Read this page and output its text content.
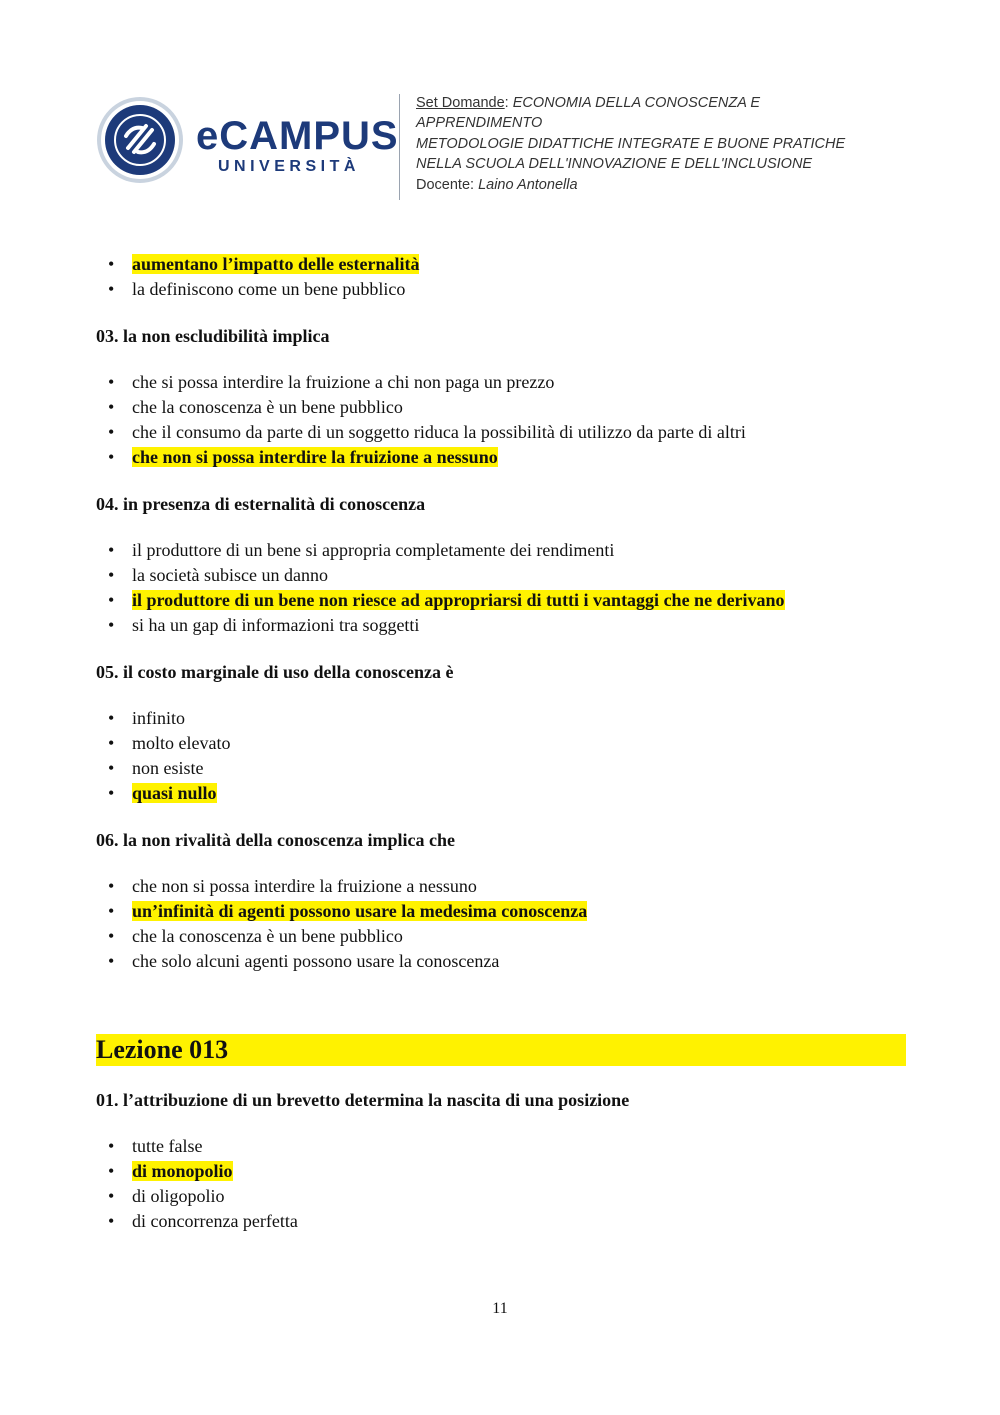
eCAMPUS
UNIVERSITÀ
Set Domande: ECONOMIA DELLA CONOSCENZA E
APPRENDIMENTO
METODOLOGIE DIDATTICHE INTEGRATE E BUONE PRATICHE
NELLA SCUOLA DELL'INNOVAZIONE E DELL'INCLUSIONE
Docente: Laino Antonella
• aumentano l’impatto delle esternalità
• la definiscono come un bene pubblico

03. la non escludibilità implica

• che si possa interdire la fruizione a chi non paga un prezzo
• che la conoscenza è un bene pubblico
• che il consumo da parte di un soggetto riduca la possibilità di utilizzo da parte di altri
• che non si possa interdire la fruizione a nessuno

04. in presenza di esternalità di conoscenza

• il produttore di un bene si appropria completamente dei rendimenti
• la società subisce un danno
• il produttore di un bene non riesce ad appropriarsi di tutti i vantaggi che ne derivano
• si ha un gap di informazioni tra soggetti

05. il costo marginale di uso della conoscenza è

• infinito
• molto elevato
• non esiste
• quasi nullo

06. la non rivalità della conoscenza implica che

• che non si possa interdire la fruizione a nessuno
• un’infinità di agenti possono usare la medesima conoscenza
• che la conoscenza è un bene pubblico
• che solo alcuni agenti possono usare la conoscenza
Lezione 013

01. l’attribuzione di un brevetto determina la nascita di una posizione

• tutte false
• di monopolio
• di oligopolio
• di concorrenza perfetta
11
